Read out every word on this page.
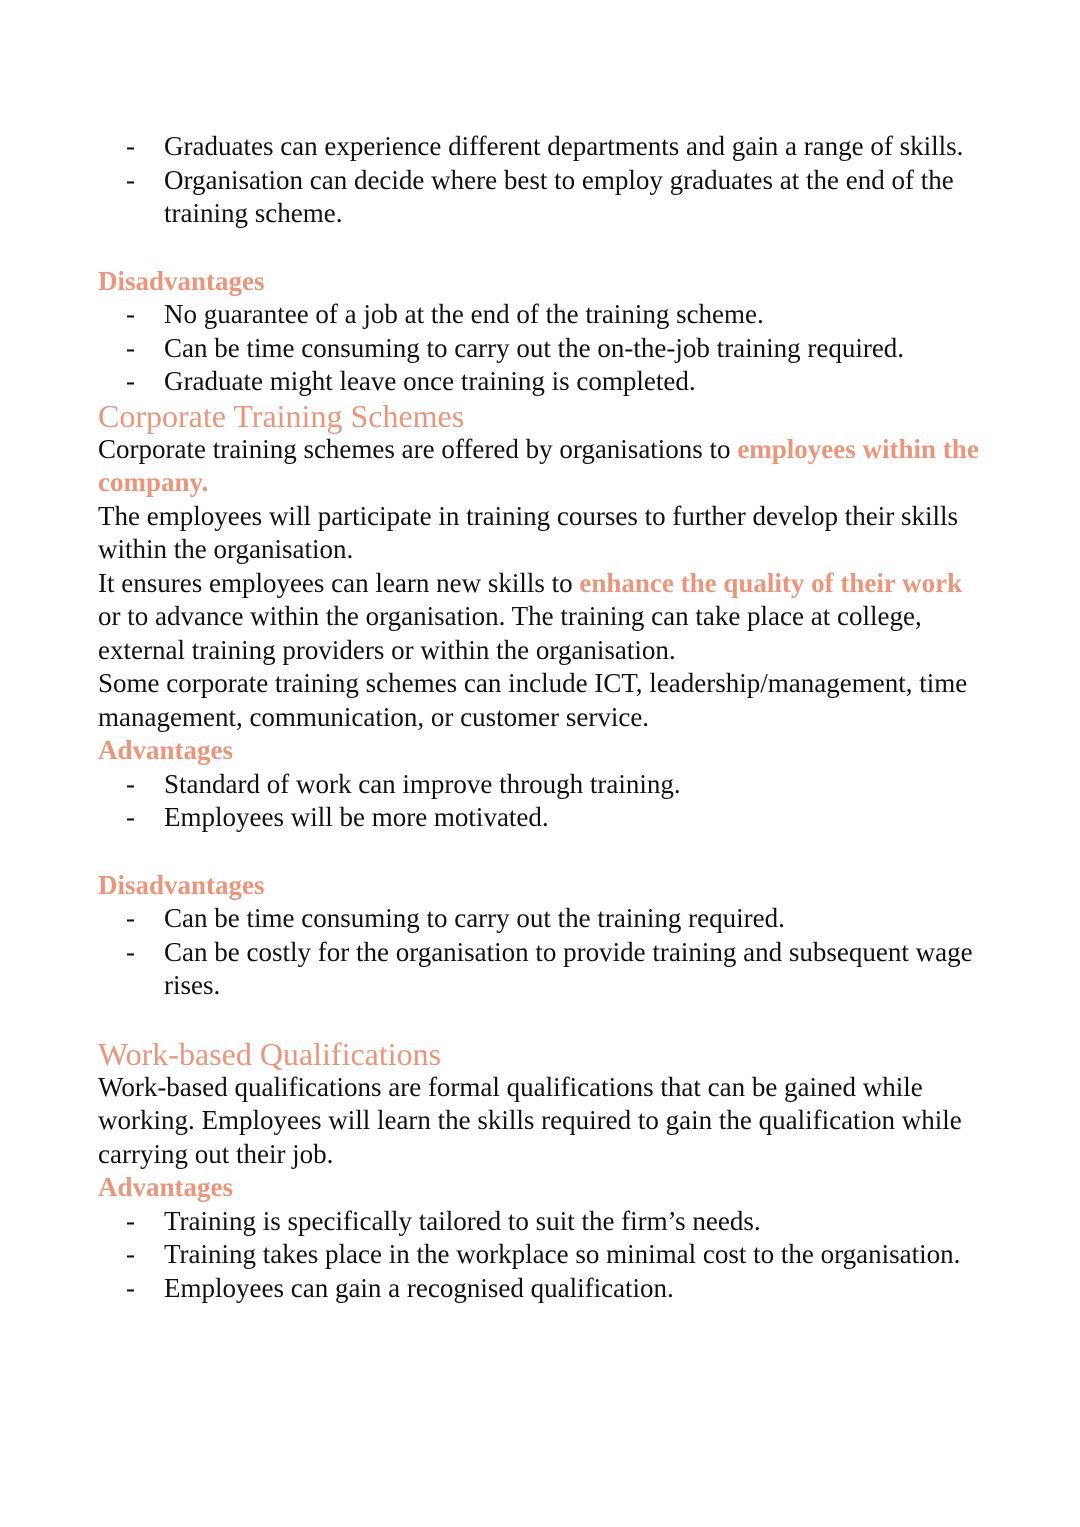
- Graduates can experience different departments and gain a range of skills.
- Organisation can decide where best to employ graduates at the end of the training scheme.
Disadvantages
- No guarantee of a job at the end of the training scheme.
- Can be time consuming to carry out the on-the-job training required.
- Graduate might leave once training is completed.
Corporate Training Schemes

Corporate training schemes are offered by organisations to employees within the company.

The employees will participate in training courses to further develop their skills within the organisation.

It ensures employees can learn new skills to enhance the quality of their work or to advance within the organisation. The training can take place at college, external training providers or within the organisation.

Some corporate training schemes can include ICT, leadership/management, time management, communication, or customer service.

Advantages
- Standard of work can improve through training.
- Employees will be more motivated.
Disadvantages
- Can be time consuming to carry out the training required.
- Can be costly for the organisation to provide training and subsequent wage rises.
Work-based Qualifications

Work-based qualifications are formal qualifications that can be gained while working. Employees will learn the skills required to gain the qualification while carrying out their job.

Advantages
- Training is specifically tailored to suit the firm’s needs.
- Training takes place in the workplace so minimal cost to the organisation.
- Employees can gain a recognised qualification.
